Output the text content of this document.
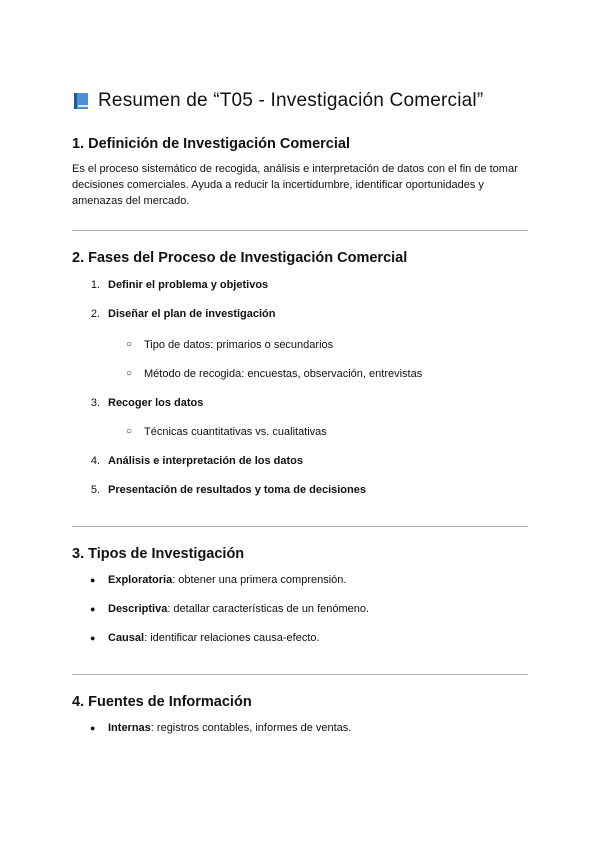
Resumen de “T05 - Investigación Comercial”
1. Definición de Investigación Comercial

Es el proceso sistemático de recogida, análisis e interpretación de datos con el fin de tomar

decisiones comerciales. Ayuda a reducir la incertidumbre, identificar oportunidades y

amenazas del mercado.

2. Fases del Proceso de Investigación Comercial
1. Definir el problema y objetivos
2. Diseñar el plan de investigación
○ Tipo de datos: primarios o secundarios
○ Método de recogida: encuestas, observación, entrevistas
3. Recoger los datos
○ Técnicas cuantitativas vs. cualitativas
4. Análisis e interpretación de los datos
5. Presentación de resultados y toma de decisiones
3. Tipos de Investigación
● Exploratoria: obtener una primera comprensión.
● Descriptiva: detallar características de un fenómeno.
● Causal: identificar relaciones causa-efecto.
4. Fuentes de Información
● Internas: registros contables, informes de ventas.
